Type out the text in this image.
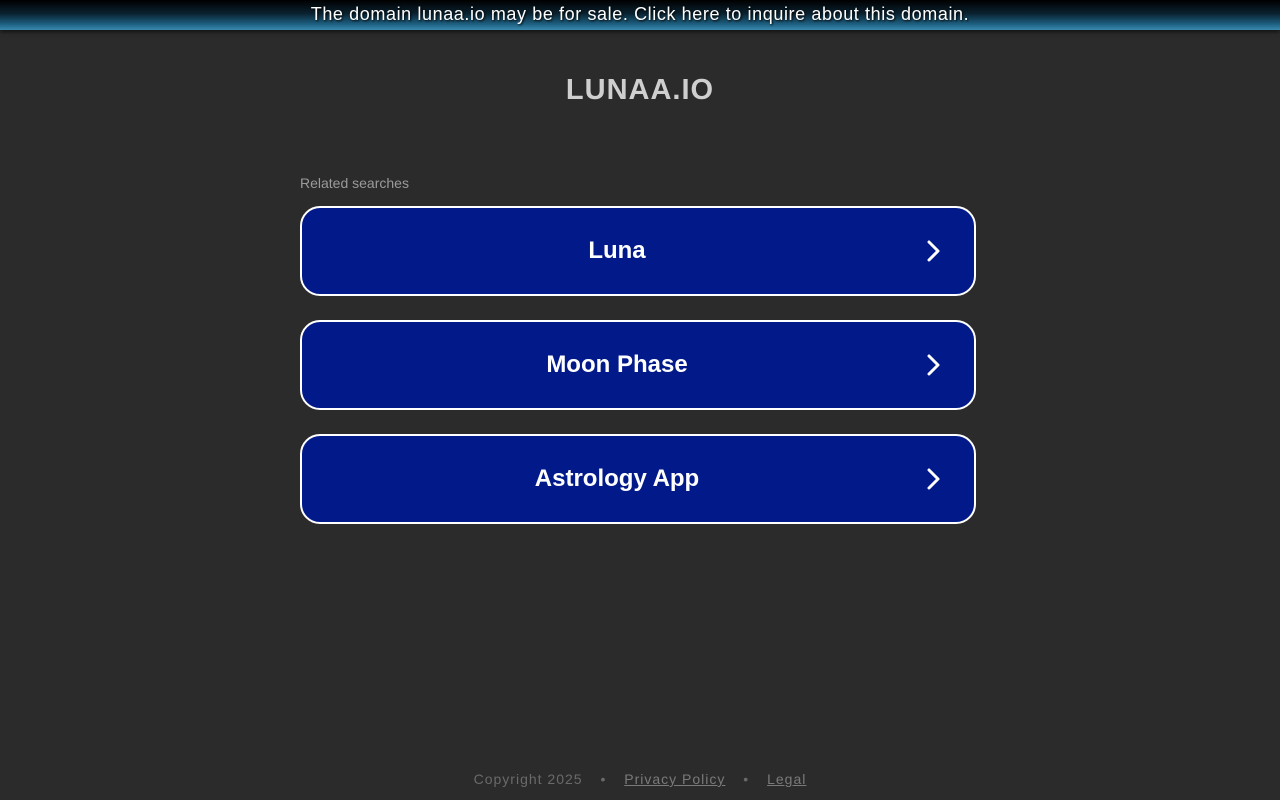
The domain lunaa.io may be for sale. Click here to inquire about this domain.
LUNAA.IO
Related searches
Luna
Moon Phase
Astrology App
Copyright 2025 • Privacy Policy • Legal
